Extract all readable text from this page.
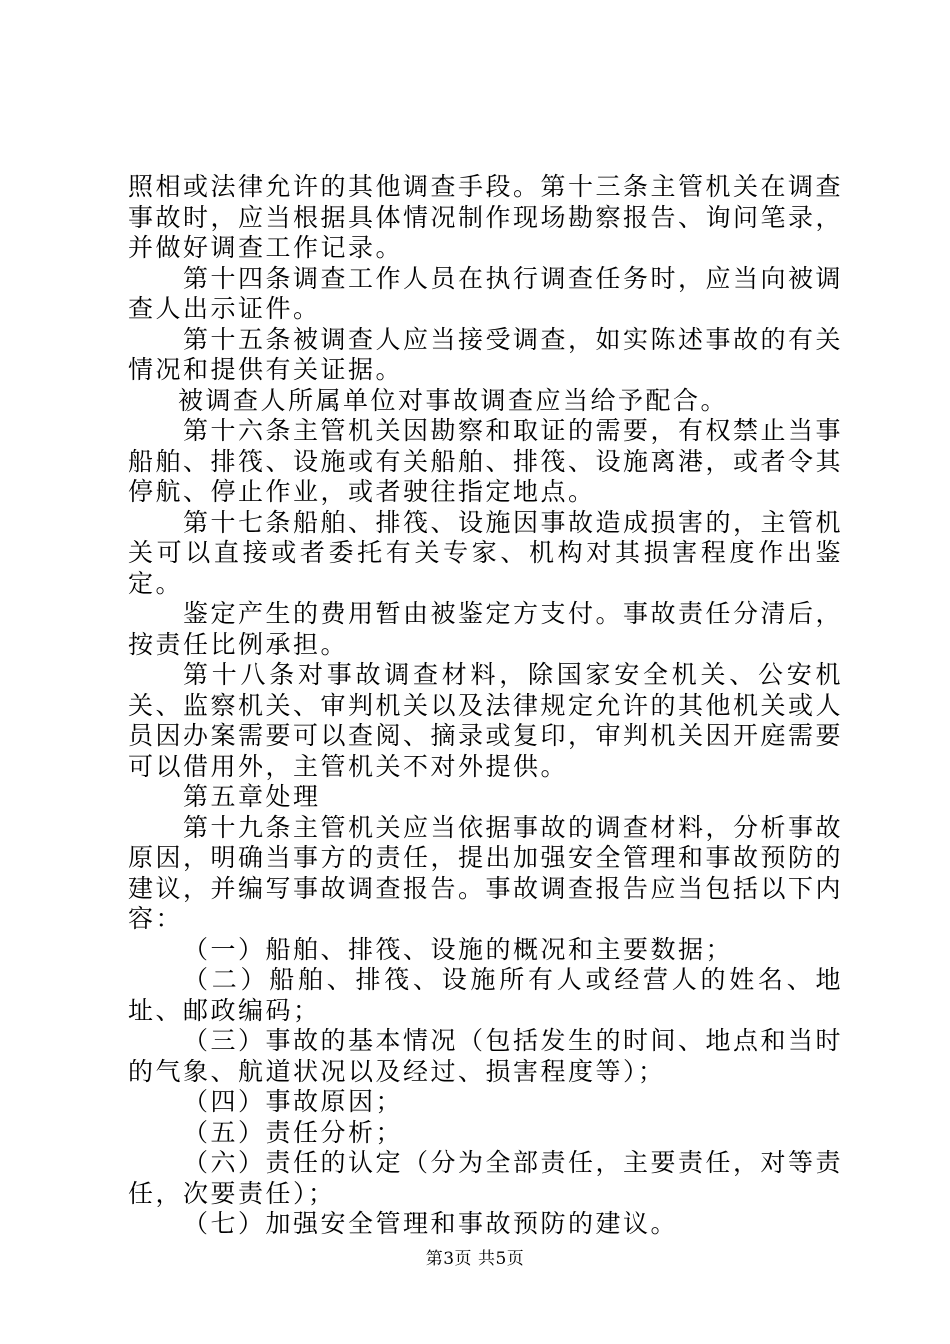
照相或法律允许的其他调查手段。第十三条主管机关在调查事故时，应当根据具体情况制作现场勘察报告、询问笔录，并做好调查工作记录。

第十四条调查工作人员在执行调查任务时，应当向被调查人出示证件。

第十五条被调查人应当接受调查，如实陈述事故的有关情况和提供有关证据。

被调查人所属单位对事故调查应当给予配合。

第十六条主管机关因勘察和取证的需要，有权禁止当事船舶、排筏、设施或有关船舶、排筏、设施离港，或者令其停航、停止作业，或者驶往指定地点。

第十七条船舶、排筏、设施因事故造成损害的，主管机关可以直接或者委托有关专家、机构对其损害程度作出鉴定。

鉴定产生的费用暂由被鉴定方支付。事故责任分清后，按责任比例承担。

第十八条对事故调查材料，除国家安全机关、公安机关、监察机关、审判机关以及法律规定允许的其他机关或人员因办案需要可以查阅、摘录或复印，审判机关因开庭需要可以借用外，主管机关不对外提供。

第五章处理

第十九条主管机关应当依据事故的调查材料，分析事故原因，明确当事方的责任，提出加强安全管理和事故预防的建议，并编写事故调查报告。事故调查报告应当包括以下内容：

（一）船舶、排筏、设施的概况和主要数据；

（二）船舶、排筏、设施所有人或经营人的姓名、地址、邮政编码；

（三）事故的基本情况（包括发生的时间、地点和当时的气象、航道状况以及经过、损害程度等）；

（四）事故原因；

（五）责任分析；

（六）责任的认定（分为全部责任，主要责任，对等责任，次要责任）；

（七）加强安全管理和事故预防的建议。

第3页 共5页
